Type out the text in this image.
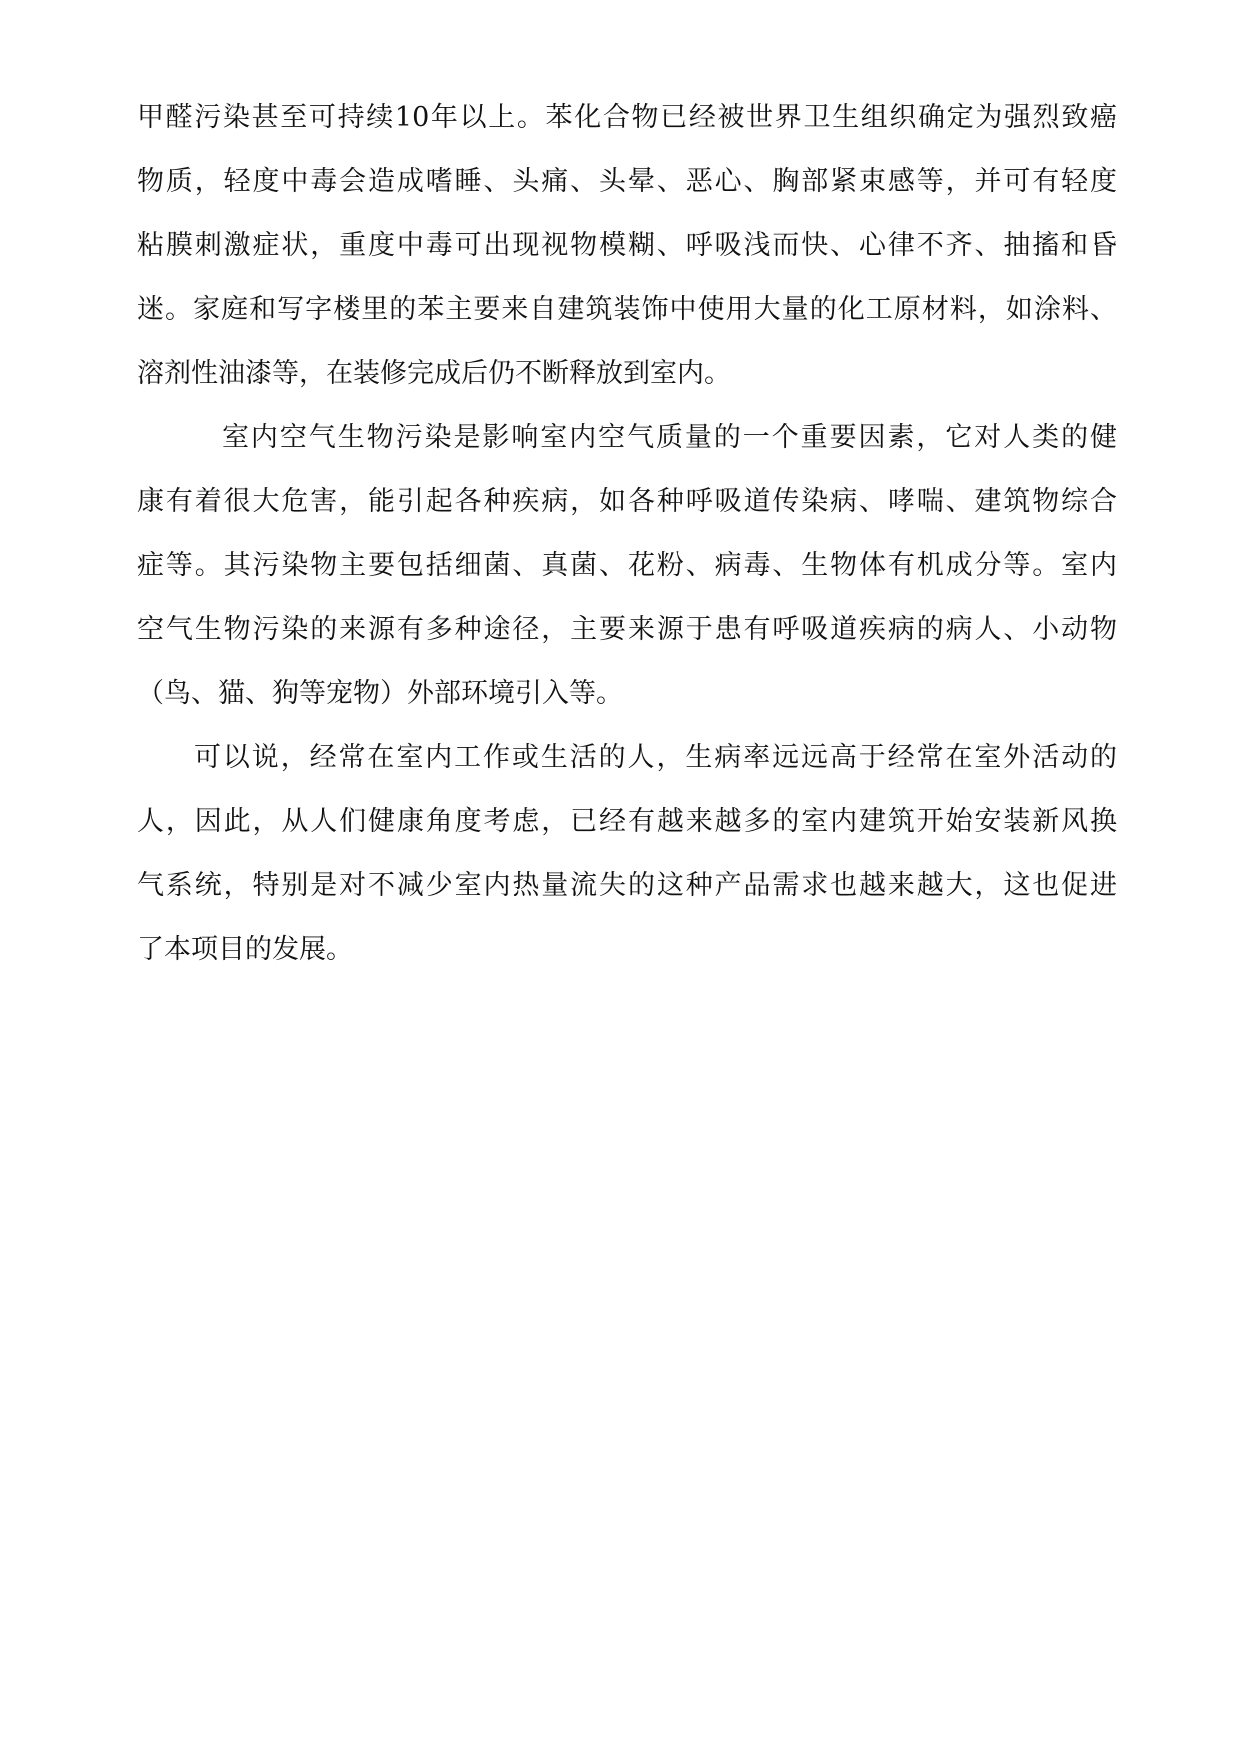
甲醛污染甚至可持续10年以上。苯化合物已经被世界卫生组织确定为强烈致癌
物质，轻度中毒会造成嗜睡、头痛、头晕、恶心、胸部紧束感等，并可有轻度
粘膜刺激症状，重度中毒可出现视物模糊、呼吸浅而快、心律不齐、抽搐和昏
迷。家庭和写字楼里的苯主要来自建筑装饰中使用大量的化工原材料，如涂料、
溶剂性油漆等，在装修完成后仍不断释放到室内。
室内空气生物污染是影响室内空气质量的一个重要因素，它对人类的健
康有着很大危害，能引起各种疾病，如各种呼吸道传染病、哮喘、建筑物综合
症等。其污染物主要包括细菌、真菌、花粉、病毒、生物体有机成分等。室内
空气生物污染的来源有多种途径，主要来源于患有呼吸道疾病的病人、小动物
（鸟、猫、狗等宠物）外部环境引入等。
可以说，经常在室内工作或生活的人，生病率远远高于经常在室外活动的
人，因此，从人们健康角度考虑，已经有越来越多的室内建筑开始安装新风换
气系统，特别是对不减少室内热量流失的这种产品需求也越来越大，这也促进
了本项目的发展。
